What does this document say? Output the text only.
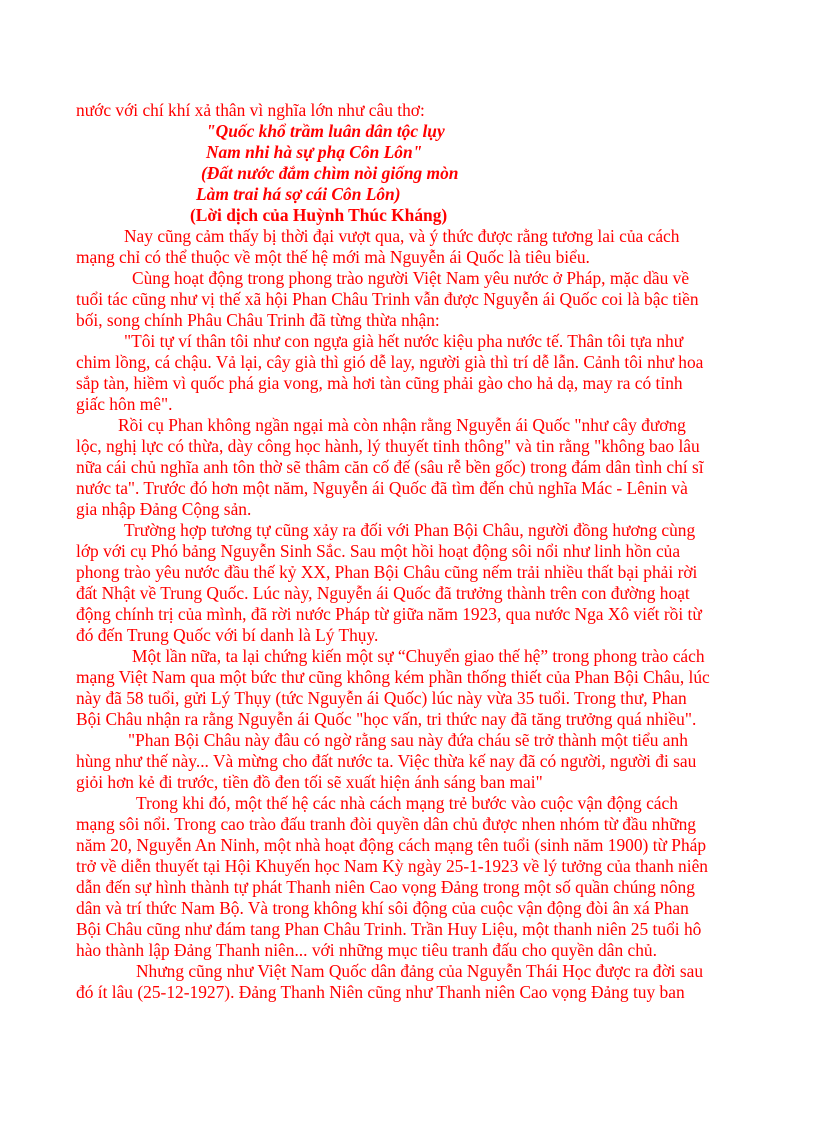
nước với chí khí xả thân vì nghĩa lớn như câu thơ:
"Quốc khổ trầm luân dân tộc lụy
Nam nhi hà sự phạ Côn Lôn"
(Đất nước đắm chìm nòi giống mòn
Làm trai há sợ cái Côn Lôn)
(Lời dịch của Huỳnh Thúc Kháng)
Nay cũng cảm thấy bị thời đại vượt qua, và ý thức được rằng tương lai của cách
mạng chỉ có thể thuộc về một thế hệ mới mà Nguyễn ái Quốc là tiêu biểu.
Cùng hoạt động trong phong trào người Việt Nam yêu nước ở Pháp, mặc dầu về
tuổi tác cũng như vị thế xã hội Phan Châu Trinh vẫn được Nguyễn ái Quốc coi là bậc tiền
bối, song chính Phâu Châu Trinh đã từng thừa nhận:
"Tôi tự ví thân tôi như con ngựa già hết nước kiệu pha nước tế. Thân tôi tựa như
chim lồng, cá chậu. Vả lại, cây già thì gió dễ lay, người già thì trí dễ lẫn. Cảnh tôi như hoa
sắp tàn, hiềm vì quốc phá gia vong, mà hơi tàn cũng phải gào cho hả dạ, may ra có tỉnh
giấc hôn mê".
Rồi cụ Phan không ngần ngại mà còn nhận rằng Nguyễn ái Quốc "như cây đương
lộc, nghị lực có thừa, dày công học hành, lý thuyết tinh thông" và tin rằng "không bao lâu
nữa cái chủ nghĩa anh tôn thờ sẽ thâm căn cố đế (sâu rễ bền gốc) trong đám dân tình chí sĩ
nước ta". Trước đó hơn một năm, Nguyễn ái Quốc đã tìm đến chủ nghĩa Mác - Lênin và
gia nhập Đảng Cộng sản.
Trường hợp tương tự cũng xảy ra đối với Phan Bội Châu, người đồng hương cùng
lớp với cụ Phó bảng Nguyễn Sinh Sắc. Sau một hồi hoạt động sôi nổi như linh hồn của
phong trào yêu nước đầu thế kỷ XX, Phan Bội Châu cũng nếm trải nhiều thất bại phải rời
đất Nhật về Trung Quốc. Lúc này, Nguyễn ái Quốc đã trưởng thành trên con đường hoạt
động chính trị của mình, đã rời nước Pháp từ giữa năm 1923, qua nước Nga Xô viết rồi từ
đó đến Trung Quốc với bí danh là Lý Thụy.
Một lần nữa, ta lại chứng kiến một sự “Chuyển giao thế hệ” trong phong trào cách
mạng Việt Nam qua một bức thư cũng không kém phần thống thiết của Phan Bội Châu, lúc
này đã 58 tuổi, gửi Lý Thụy (tức Nguyễn ái Quốc) lúc này vừa 35 tuổi. Trong thư, Phan
Bội Châu nhận ra rằng Nguyễn ái Quốc "học vấn, tri thức nay đã tăng trưởng quá nhiều".
"Phan Bội Châu này đâu có ngờ rằng sau này đứa cháu sẽ trở thành một tiểu anh
hùng như thế này... Và mừng cho đất nước ta. Việc thừa kế nay đã có người, người đi sau
giỏi hơn kẻ đi trước, tiền đồ đen tối sẽ xuất hiện ánh sáng ban mai"
Trong khi đó, một thế hệ các nhà cách mạng trẻ bước vào cuộc vận động cách
mạng sôi nổi. Trong cao trào đấu tranh đòi quyền dân chủ được nhen nhóm từ đầu những
năm 20, Nguyễn An Ninh, một nhà hoạt động cách mạng tên tuổi (sinh năm 1900) từ Pháp
trở về diễn thuyết tại Hội Khuyến học Nam Kỳ ngày 25-1-1923 về lý tưởng của thanh niên
dẫn đến sự hình thành tự phát Thanh niên Cao vọng Đảng trong một số quần chúng nông
dân và trí thức Nam Bộ. Và trong không khí sôi động của cuộc vận động đòi ân xá Phan
Bội Châu cũng như đám tang Phan Châu Trinh. Trần Huy Liệu, một thanh niên 25 tuổi hô
hào thành lập Đảng Thanh niên... với những mục tiêu tranh đấu cho quyền dân chủ.
Nhưng cũng như Việt Nam Quốc dân đảng của Nguyễn Thái Học được ra đời sau
đó ít lâu (25-12-1927). Đảng Thanh Niên cũng như Thanh niên Cao vọng Đảng tuy ban
